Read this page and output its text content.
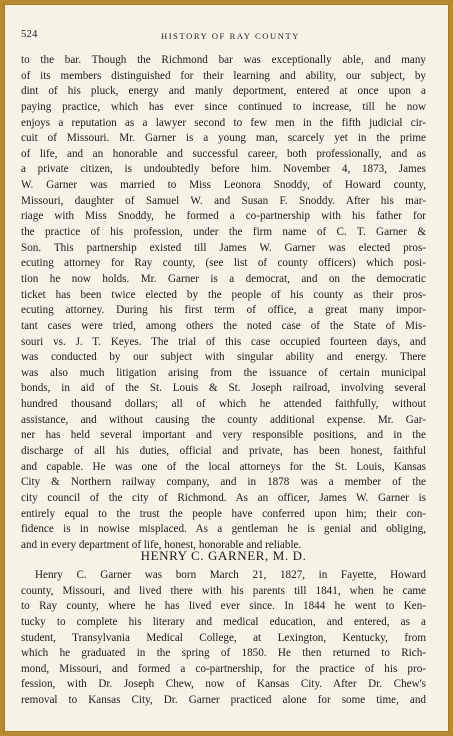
524	HISTORY OF RAY COUNTY
to the bar. Though the Richmond bar was exceptionally able, and many
of its members distinguished for their learning and ability, our subject, by
dint of his pluck, energy and manly deportment, entered at once upon a
paying practice, which has ever since continued to increase, till he now
enjoys a reputation as a lawyer second to few men in the fifth judicial cir-
cuit of Missouri. Mr. Garner is a young man, scarcely yet in the prime
of life, and an honorable and successful career, both professionally, and as
a private citizen, is undoubtedly before him. November 4, 1873, James
W. Garner was married to Miss Leonora Snoddy, of Howard county,
Missouri, daughter of Samuel W. and Susan F. Snoddy. After his mar-
riage with Miss Snoddy, he formed a co-partnership with his father for
the practice of his profession, under the firm name of C. T. Garner &
Son. This partnership existed till James W. Garner was elected pros-
ecuting attorney for Ray county, (see list of county officers) which posi-
tion he now holds. Mr. Garner is a democrat, and on the democratic
ticket has been twice elected by the people of his county as their pros-
ecuting attorney. During his first term of office, a great many impor-
tant cases were tried, among others the noted case of the State of Mis-
souri vs. J. T. Keyes. The trial of this case occupied fourteen days, and
was conducted by our subject with singular ability and energy. There
was also much litigation arising from the issuance of certain municipal
bonds, in aid of the St. Louis & St. Joseph railroad, involving several
hundred thousand dollars; all of which he attended faithfully, without
assistance, and without causing the county additional expense. Mr. Gar-
ner has held several important and very responsible positions, and in the
discharge of all his duties, official and private, has been honest, faithful
and capable. He was one of the local attorneys for the St. Louis, Kansas
City & Northern railway company, and in 1878 was a member of the
city council of the city of Richmond. As an officer, James W. Garner is
entirely equal to the trust the people have conferred upon him; their con-
fidence is in nowise misplaced. As a gentleman he is genial and obliging,
and in every department of life, honest, honorable and reliable.
HENRY C. GARNER, M. D.
Henry C. Garner was born March 21, 1827, in Fayette, Howard
county, Missouri, and lived there with his parents till 1841, when he came
to Ray county, where he has lived ever since. In 1844 he went to Ken-
tucky to complete his literary and medical education, and entered, as a
student, Transylvania Medical College, at Lexington, Kentucky, from
which he graduated in the spring of 1850. He then returned to Rich-
mond, Missouri, and formed a co-partnership, for the practice of his pro-
fession, with Dr. Joseph Chew, now of Kansas City. After Dr. Chew's
removal to Kansas City, Dr. Garner practiced alone for some time, and
